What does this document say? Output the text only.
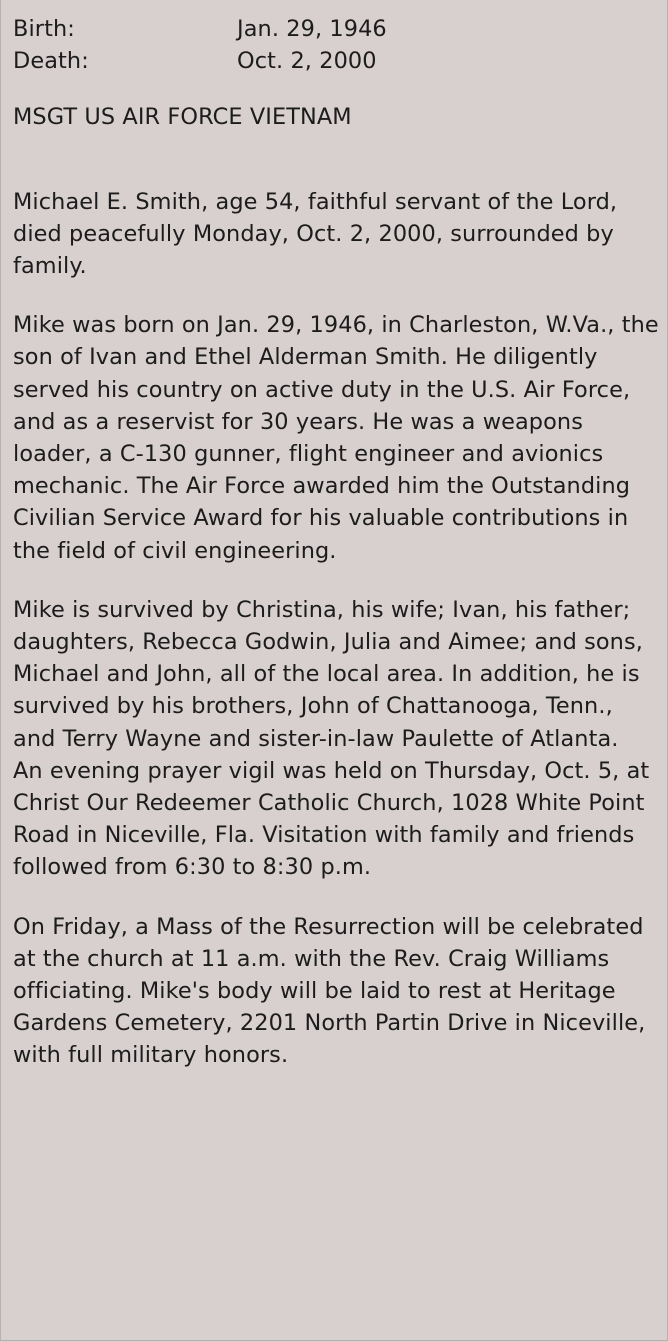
Birth:	Jan. 29, 1946
Death:	Oct. 2, 2000

MSGT US AIR FORCE VIETNAM

Michael E. Smith, age 54, faithful servant of the Lord, died peacefully Monday, Oct. 2, 2000, surrounded by family.

Mike was born on Jan. 29, 1946, in Charleston, W.Va., the son of Ivan and Ethel Alderman Smith. He diligently served his country on active duty in the U.S. Air Force, and as a reservist for 30 years. He was a weapons loader, a C-130 gunner, flight engineer and avionics mechanic. The Air Force awarded him the Outstanding Civilian Service Award for his valuable contributions in the field of civil engineering.

Mike is survived by Christina, his wife; Ivan, his father; daughters, Rebecca Godwin, Julia and Aimee; and sons, Michael and John, all of the local area. In addition, he is survived by his brothers, John of Chattanooga, Tenn., and Terry Wayne and sister-in-law Paulette of Atlanta.

An evening prayer vigil was held on Thursday, Oct. 5, at Christ Our Redeemer Catholic Church, 1028 White Point Road in Niceville, Fla. Visitation with family and friends followed from 6:30 to 8:30 p.m.

On Friday, a Mass of the Resurrection will be celebrated at the church at 11 a.m. with the Rev. Craig Williams officiating. Mike's body will be laid to rest at Heritage Gardens Cemetery, 2201 North Partin Drive in Niceville, with full military honors.
